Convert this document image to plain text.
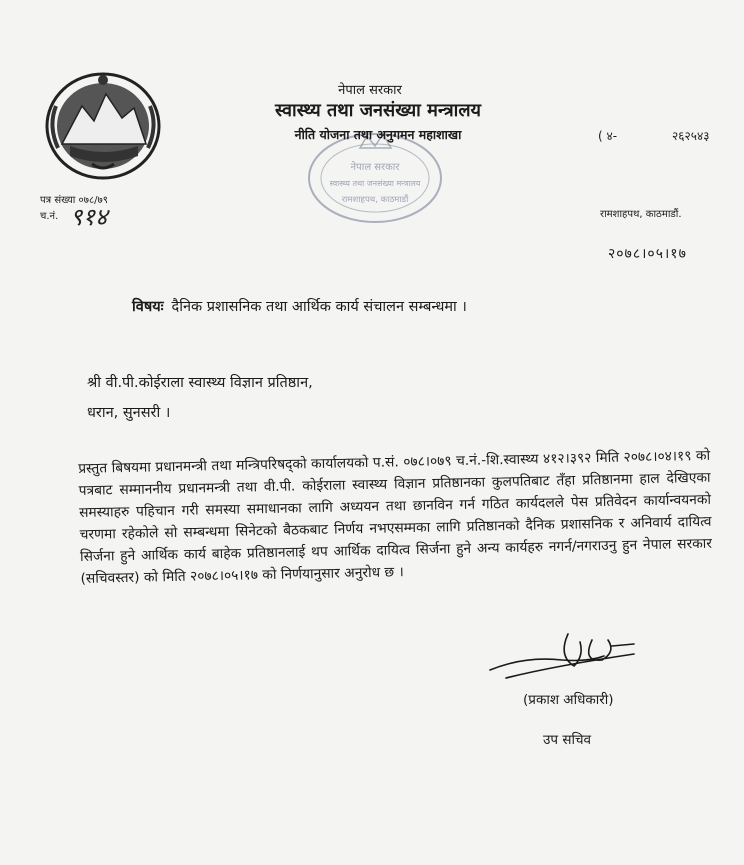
नेपाल सरकार
स्वास्थ्य तथा जनसंख्या मन्त्रालय
रामशाहपथ, काठमाडौं
नेपाल सरकार
स्वास्थ्य तथा जनसंख्या मन्त्रालय
नीति योजना तथा अनुगमन महाशाखा	( ४-	२६२५४३
रामशाहपथ, काठमाडौं.
पत्र संख्या ०७८/७९
च.नं. ९१४
२०७८।०५।१७
विषयः दैनिक प्रशासनिक तथा आर्थिक कार्य संचालन सम्बन्धमा ।
श्री वी.पी.कोईराला स्वास्थ्य विज्ञान प्रतिष्ठान,
धरान, सुनसरी ।
प्रस्तुत बिषयमा प्रधानमन्त्री तथा मन्त्रिपरिषद्को कार्यालयको प.सं. ०७८।०७९ च.नं.-शि.स्वास्थ्य ४१२।३९२ मिति २०७८।०४।१९ को पत्रबाट सम्माननीय प्रधानमन्त्री तथा वी.पी. कोईराला स्वास्थ्य विज्ञान प्रतिष्ठानका कुलपतिबाट तँहा प्रतिष्ठानमा हाल देखिएका समस्याहरु पहिचान गरी समस्या समाधानका लागि अध्ययन तथा छानविन गर्न गठित कार्यदलले पेस प्रतिवेदन कार्यान्वयनको चरणमा रहेकोले सो सम्बन्धमा सिनेटको बैठकबाट निर्णय नभएसम्मका लागि प्रतिष्ठानको दैनिक प्रशासनिक र अनिवार्य दायित्व सिर्जना हुने आर्थिक कार्य बाहेक प्रतिष्ठानलाई थप आर्थिक दायित्व सिर्जना हुने अन्य कार्यहरु नगर्न/नगराउनु हुन नेपाल सरकार (सचिवस्तर) को मिति २०७८।०५।१७ को निर्णयानुसार अनुरोध छ ।
(प्रकाश अधिकारी)
उप सचिव
